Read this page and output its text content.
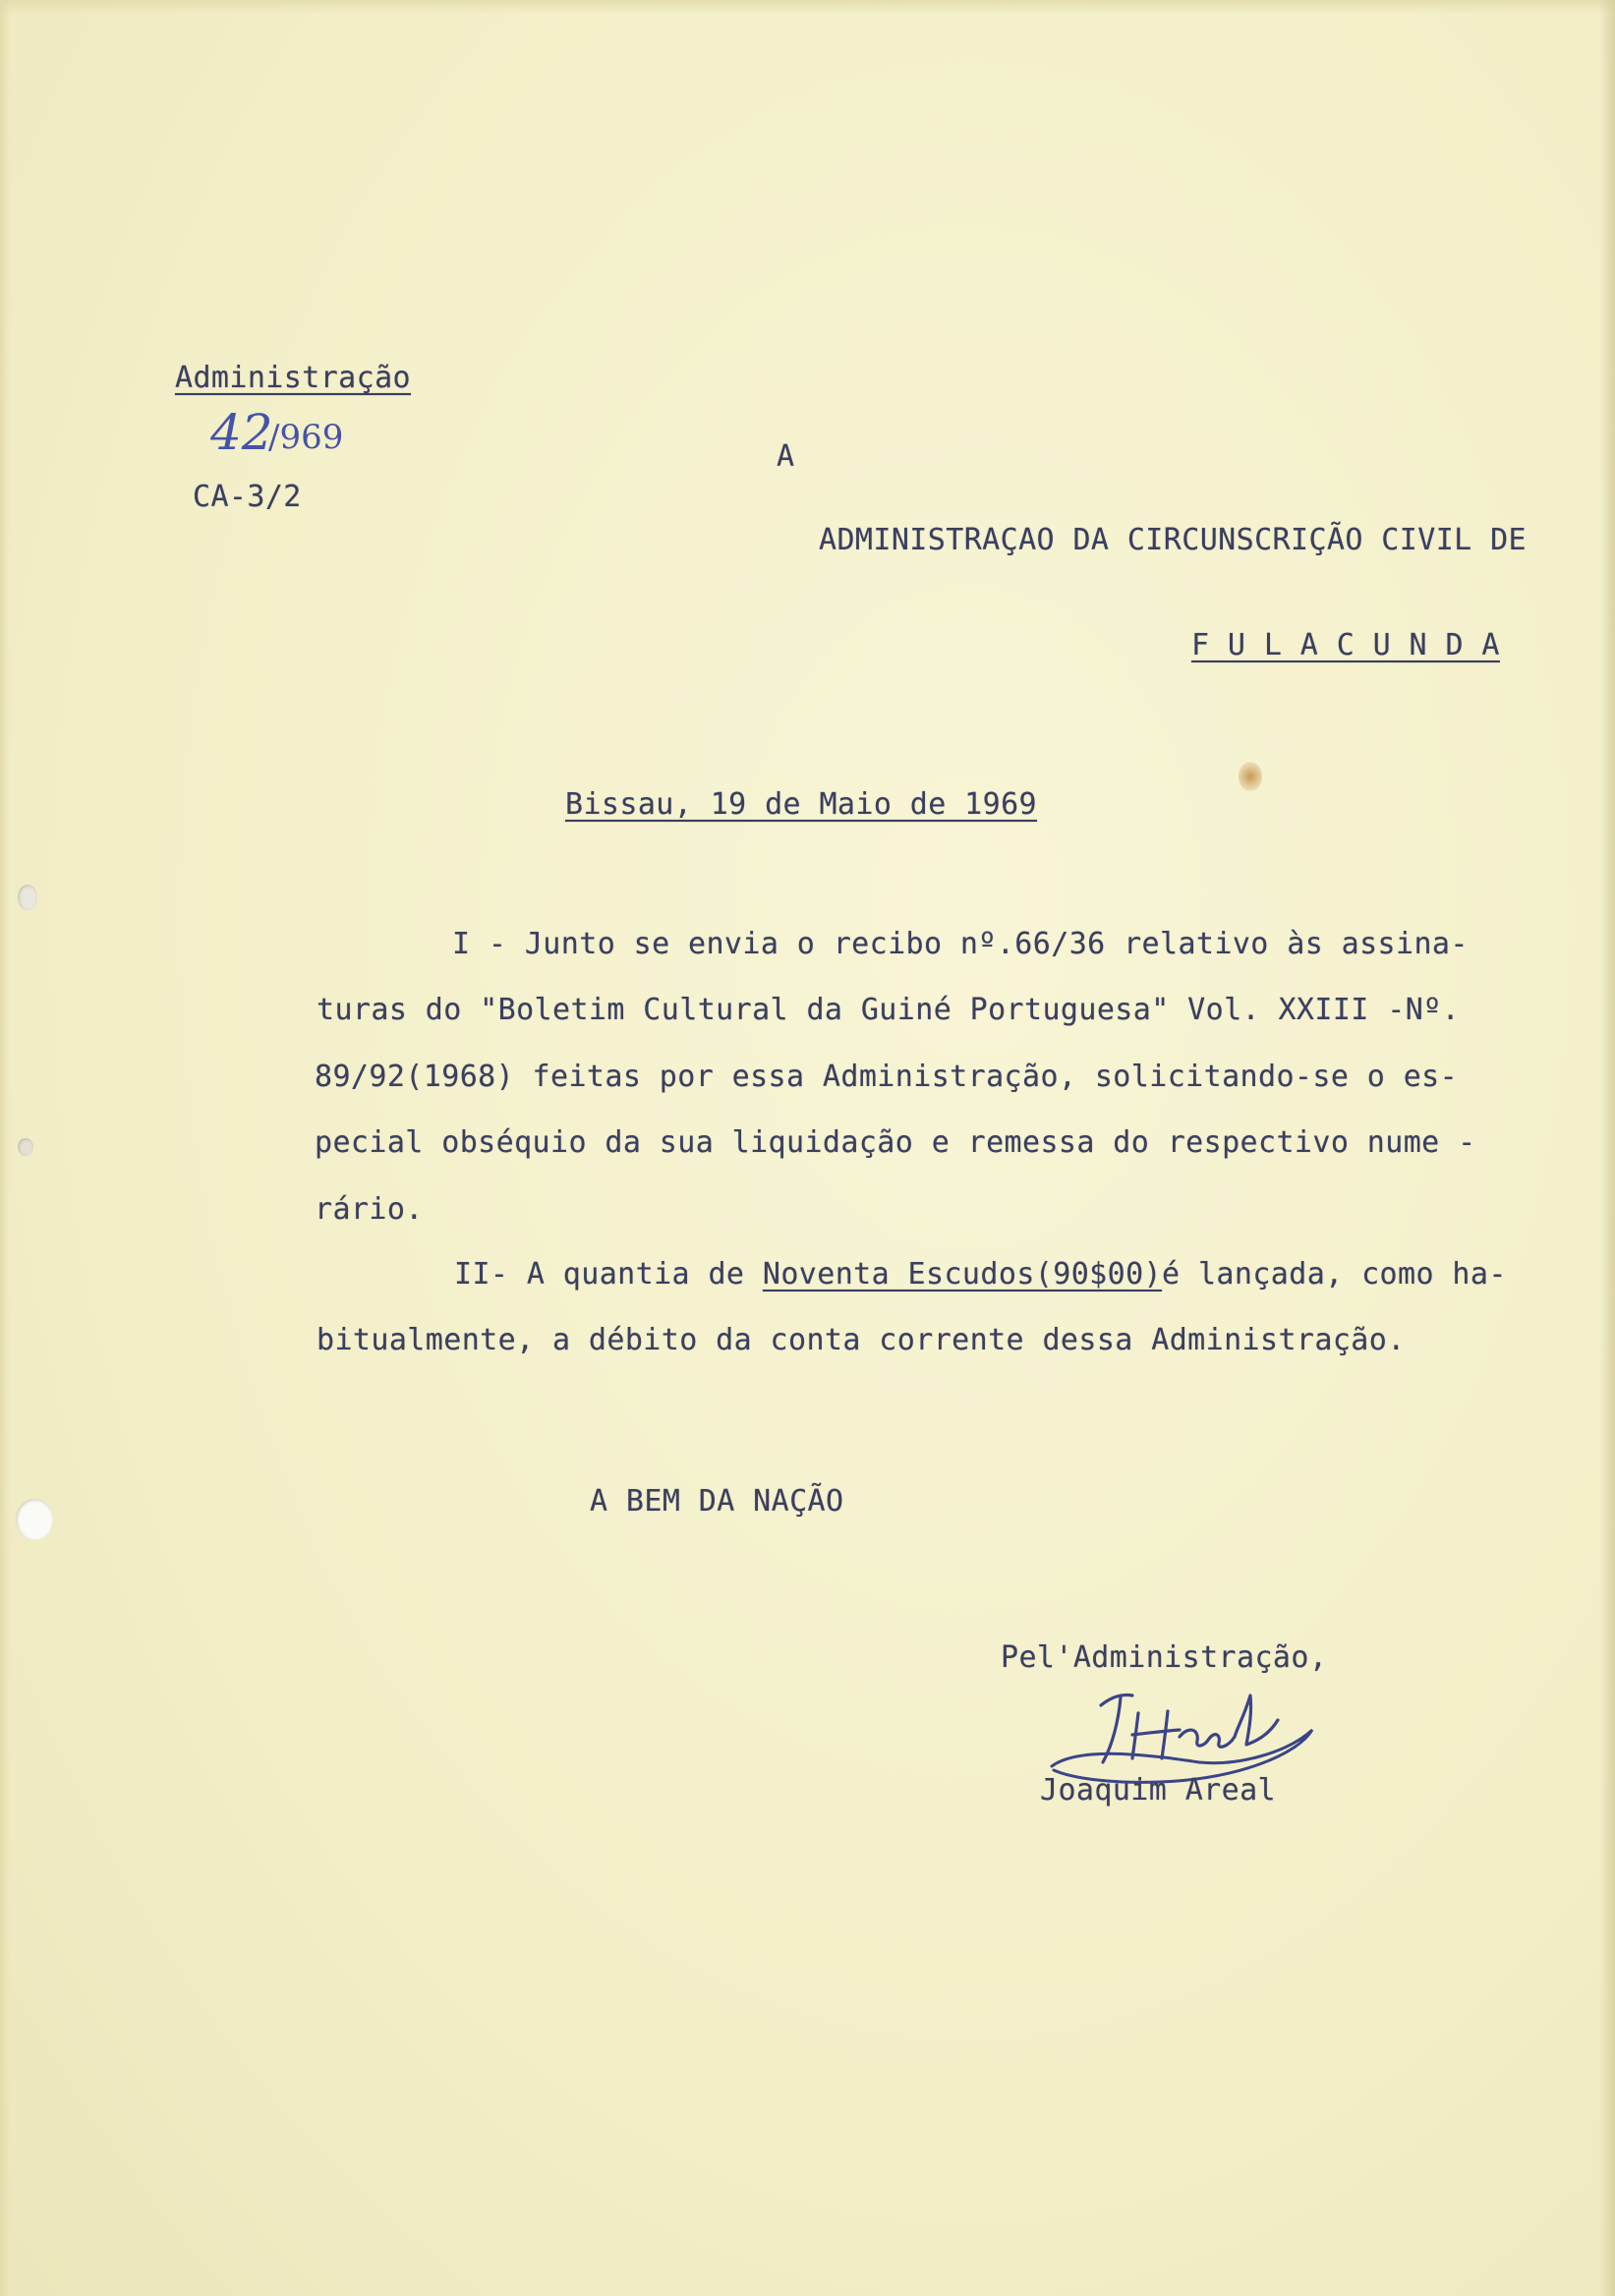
Administração
42
/969
CA-3/2
A
ADMINISTRAÇAO DA CIRCUNSCRIÇÃO CIVIL DE
F U L A C U N D A
Bissau, 19 de Maio de 1969
I - Junto se envia o recibo nº.66/36 relativo às assina-
turas do "Boletim Cultural da Guiné Portuguesa" Vol. XXIII -Nº.
89/92(1968) feitas por essa Administração, solicitando-se o es-
pecial obséquio da sua liquidação e remessa do respectivo nume -
rário.
II- A quantia de Noventa Escudos(90$00)é lançada, como ha-
bitualmente, a débito da conta corrente dessa Administração.
A BEM DA NAÇÃO
Pel'Administração,
Joaquim Areal
